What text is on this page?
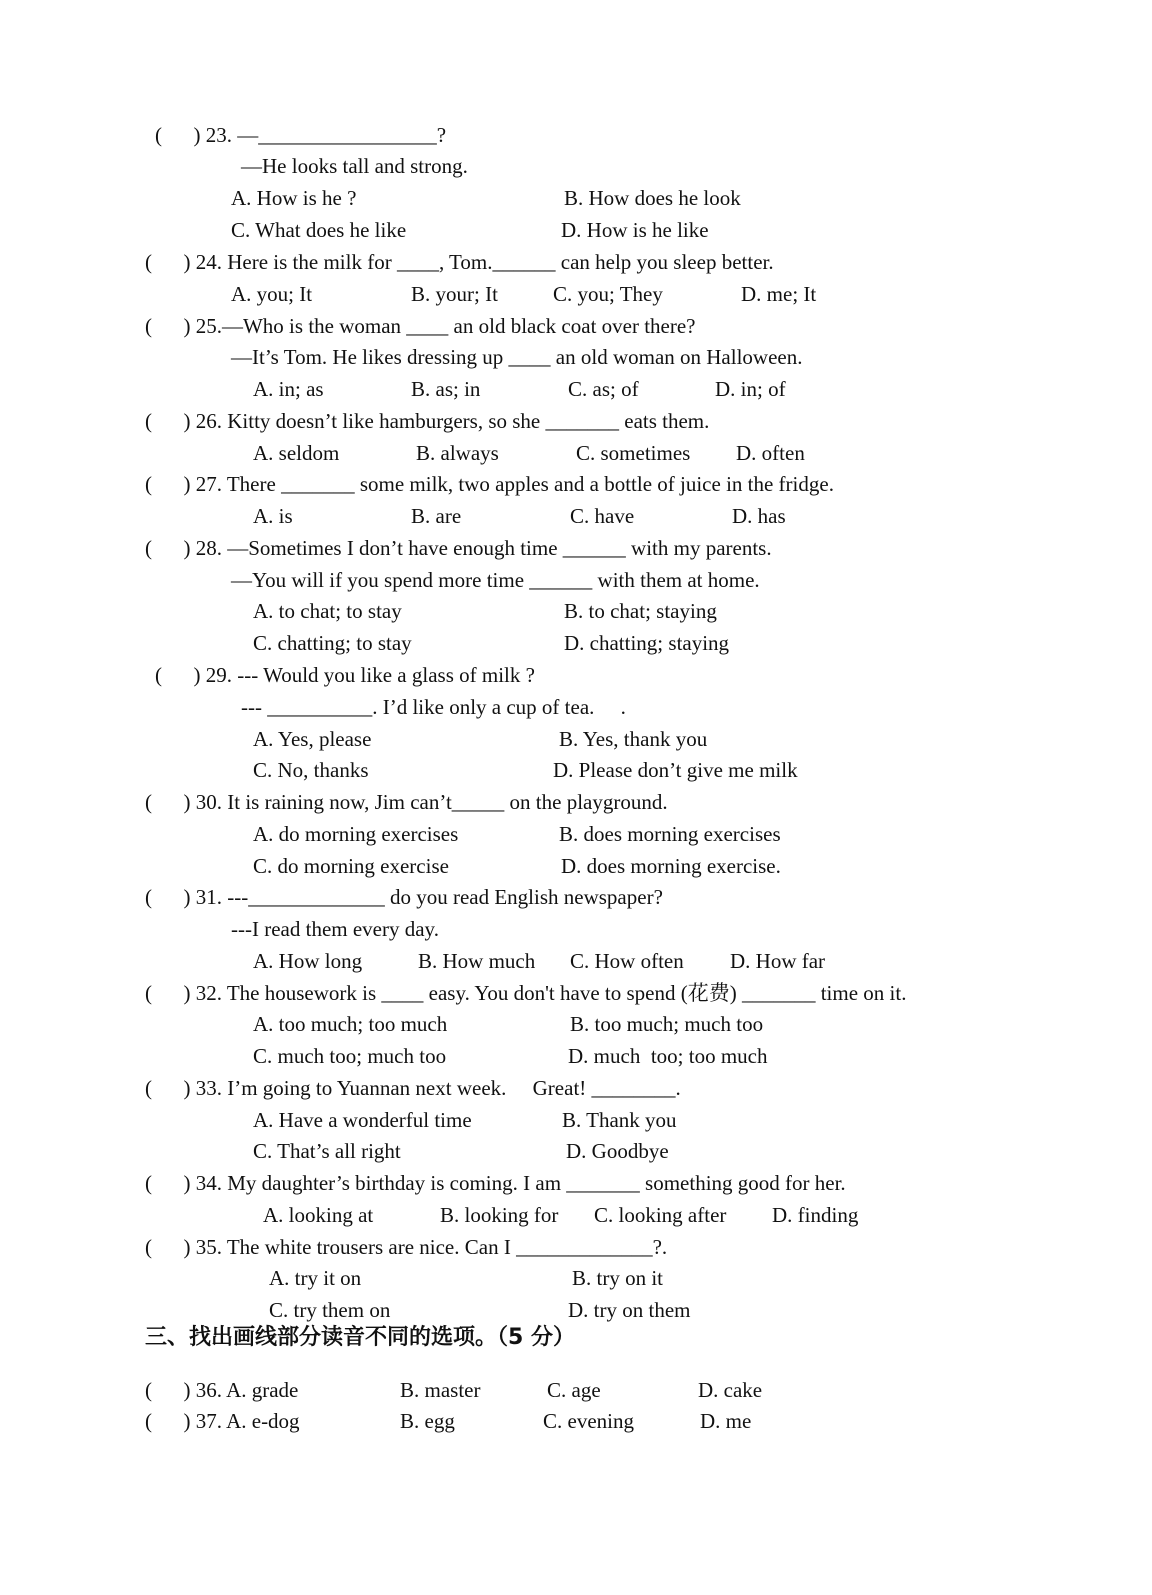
(      ) 23. —_________________?
—He looks tall and strong.
A. How is he ?	B. How does he look
C. What does he like	D. How is he like
(      ) 24. Here is the milk for ____, Tom.______ can help you sleep better.
A. you; It	B. your; It	C. you; They	D. me; It
(      ) 25.—Who is the woman ____ an old black coat over there?
—It’s Tom. He likes dressing up ____ an old woman on Halloween.
A. in; as	B. as; in	C. as; of	D. in; of
(      ) 26. Kitty doesn’t like hamburgers, so she _______ eats them.
A. seldom	B. always	C. sometimes D. often
(      ) 27. There _______ some milk, two apples and a bottle of juice in the fridge.
A. is	B. are	C. have	D. has
(      ) 28. —Sometimes I don’t have enough time ______ with my parents.
—You will if you spend more time ______ with them at home.
A. to chat; to stay	B. to chat; staying
C. chatting; to stay	D. chatting; staying
(      ) 29. --- Would you like a glass of milk ?
--- __________. I’d like only a cup of tea.     .
A. Yes, please	B. Yes, thank you
C. No, thanks	D. Please don’t give me milk
(      ) 30. It is raining now, Jim can’t_____ on the playground.
A. do morning exercises	B. does morning exercises
C. do morning exercise	D. does morning exercise.
(      ) 31. ---_____________ do you read English newspaper?
---I read them every day.
A. How long	B. How much C. How often D. How far
(      ) 32. The housework is ____ easy. You don't have to spend (花费) _______ time on it.
A. too much; too much	B. too much; much too
C. much too; much too	D. much  too; too much
(      ) 33. I’m going to Yuannan next week.     Great! ________.
A. Have a wonderful time	B. Thank you
C. That’s all right	D. Goodbye
(      ) 34. My daughter’s birthday is coming. I am _______ something good for her.
A. looking at	B. looking for C. looking after D. finding
(      ) 35. The white trousers are nice. Can I _____________?.
A. try it on	B. try on it
C. try them on	D. try on them
三、找出画线部分读音不同的选项。（5 分）
(      ) 36. A. grade	B. master	C. age	D. cake
(      ) 37. A. e-dog	B. egg	C. evening	D. me
